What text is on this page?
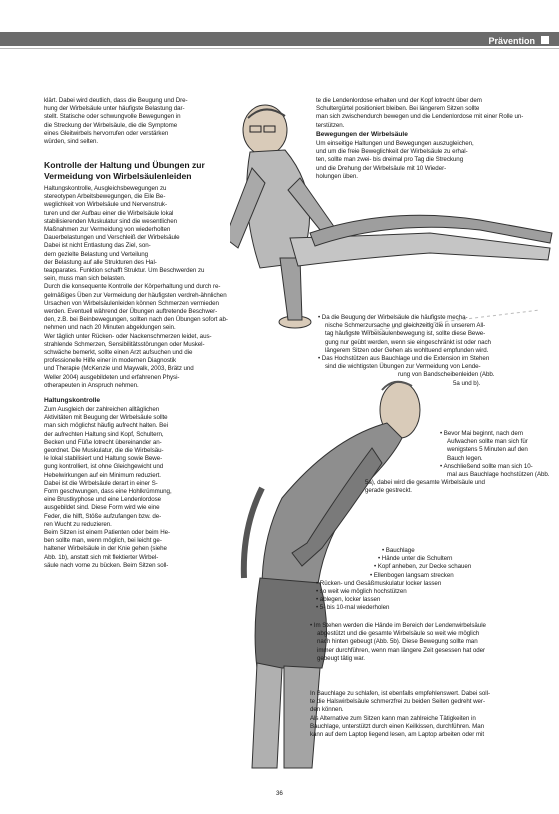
Prävention
klärt. Dabei wird deutlich, dass die Beugung und Dre-
hung der Wirbelsäule unter häufigste Belastung dar-
stellt. Statische oder schwungvolle Bewegungen in
die Streckung der Wirbelsäule, die die Symptome
eines Gleitwirbels hervorrufen oder verstärken
würden, sind selten.
Kontrolle der Haltung und Übungen zur
Vermeidung von Wirbelsäulenleiden
Haltungskontrolle, Ausgleichsbewegungen zu
stereotypen Arbeitsbewegungen, die Eile Be-
weglichkeit von Wirbelsäule und Nervenstruk-
turen und der Aufbau einer die Wirbelsäule lokal
stabilisierenden Muskulatur sind die wesentlichen
Maßnahmen zur Vermeidung von wiederholten
Dauerbelastungen und Verschleiß der Wirbelsäule
Dabei ist nicht Entlastung das Ziel, son-
dern gezielte Belastung und Verteilung
der Belastung auf alle Strukturen des Hal-
teapparates. Funktion schafft Struktur. Um Beschwerden zu
sein, muss man sich belasten.
Durch die konsequente Kontrolle der Körperhaltung und durch re-
gelmäßiges Üben zur Vermeidung der häufigsten verdreh-ähnlichen
Ursachen von Wirbelsäulenleiden können Schmerzen vermieden
werden. Eventuell während der Übungen auftretende Beschwer-
den, z.B. bei Beinbewegungen, sollten nach den Übungen sofort ab-
nehmen und nach 20 Minuten abgeklungen sein.
Wer täglich unter Rücken- oder Nackenschmerzen leidet, aus-
strahlende Schmerzen, Sensibilitätsstörungen oder Muskel-
schwäche bemerkt, sollte einen Arzt aufsuchen und die
professionelle Hilfe einer in modernen Diagnostik
und Therapie (McKenzie und Maywalk, 2003, Brätz und
Weller 2004) ausgebildeten und erfahrenen Physi-
otherapeuten in Anspruch nehmen.
Haltungskontrolle
Zum Ausgleich der zahlreichen alltäglichen
Aktivitäten mit Beugung der Wirbelsäule sollte
man sich möglichst häufig aufrecht halten. Bei
der aufrechten Haltung sind Kopf, Schultern,
Becken und Füße lotrecht übereinander an-
geordnet. Die Muskulatur, die die Wirbelsäu-
le lokal stabilisiert und Haltung sowie Bewe-
gung kontrolliert, ist ohne Gleichgewicht und
Hebelwirkungen auf ein Minimum reduziert.
Dabei ist die Wirbelsäule derart in einer S-
Form geschwungen, dass eine Hohlkrümmung,
eine Brustkyphose und eine Lendenlordose
ausgebildet sind. Diese Form wird wie eine
Feder, die hilft, Stöße aufzufangen bzw. de-
ren Wucht zu reduzieren.
Beim Sitzen ist einem Patienten oder beim He-
ben sollte man, wenn möglich, bei leicht ge-
haltener Wirbelsäule in der Knie gehen (siehe
Abb. 1b), anstatt sich mit flektierter Wirbel-
säule nach vorne zu bücken. Beim Sitzen soll-
te die Lendenlordose erhalten und der Kopf lotrecht über dem
Schultergürtel positioniert bleiben. Bei längerem Sitzen sollte
man sich zwischendurch bewegen und die Lendenlordose mit einer Rolle un-
terstützen.
Bewegungen der Wirbelsäule
Um einseitige Haltungen und Bewegungen auszugleichen,
und um die freie Beweglichkeit der Wirbelsäule zu erhal-
ten, sollte man zwei- bis dreimal pro Tag die Streckung
und die Drehung der Wirbelsäule mit 10 Wieder-
holungen üben.
• Da die Beugung der Wirbelsäule die häufigste mecha-
nische Schmerzursache und gleichzeitig die in unserem All-
tag häufigste Wirbelsäulenbewegung ist, sollte diese Bewe-
gung nur geübt werden, wenn sie eingeschränkt ist oder nach
längerem Sitzen oder Gehen als wohltuend empfunden wird.
• Das Hochstützen aus Bauchlage und die Extension im Stehen
sind die wichtigsten Übungen zur Vermeidung von Lende-
rung von Bandscheibenleiden (Abb.
5a und b).
• Bevor Mai beginnt, nach dem
Aufwachen sollte man sich für
wenigstens 5 Minuten auf den
Bauch legen.
• Anschließend sollte man sich 10-
mal aus Bauchlage hochstützen (Abb.
5a), dabei wird die gesamte Wirbelsäule und
gerade gestreckt.
• Bauchlage
• Hände unter die Schultern
• Kopf anheben, zur Decke schauen
• Ellenbogen langsam strecken
• Rücken- und Gesäßmuskulatur locker lassen
• so weit wie möglich hochstützen
• ablegen, locker lassen
• 5- bis 10-mal wiederholen
• Im Stehen werden die Hände im Bereich der Lendenwirbelsäule
abgestützt und die gesamte Wirbelsäule so weit wie möglich
nach hinten gebeugt (Abb. 5b). Diese Bewegung sollte man
immer durchführen, wenn man längere Zeit gesessen hat oder
gebeugt tätig war.
In Bauchlage zu schlafen, ist ebenfalls empfehlenswert. Dabei soll-
te die Halswirbelsäule schmerzfrei zu beiden Seiten gedreht wer-
den können.
Als Alternative zum Sitzen kann man zahlreiche Tätigkeiten in
Bauchlage, unterstützt durch einen Keilkissen, durchführen. Man
kann auf dem Laptop liegend lesen, am Laptop arbeiten oder mit
36
